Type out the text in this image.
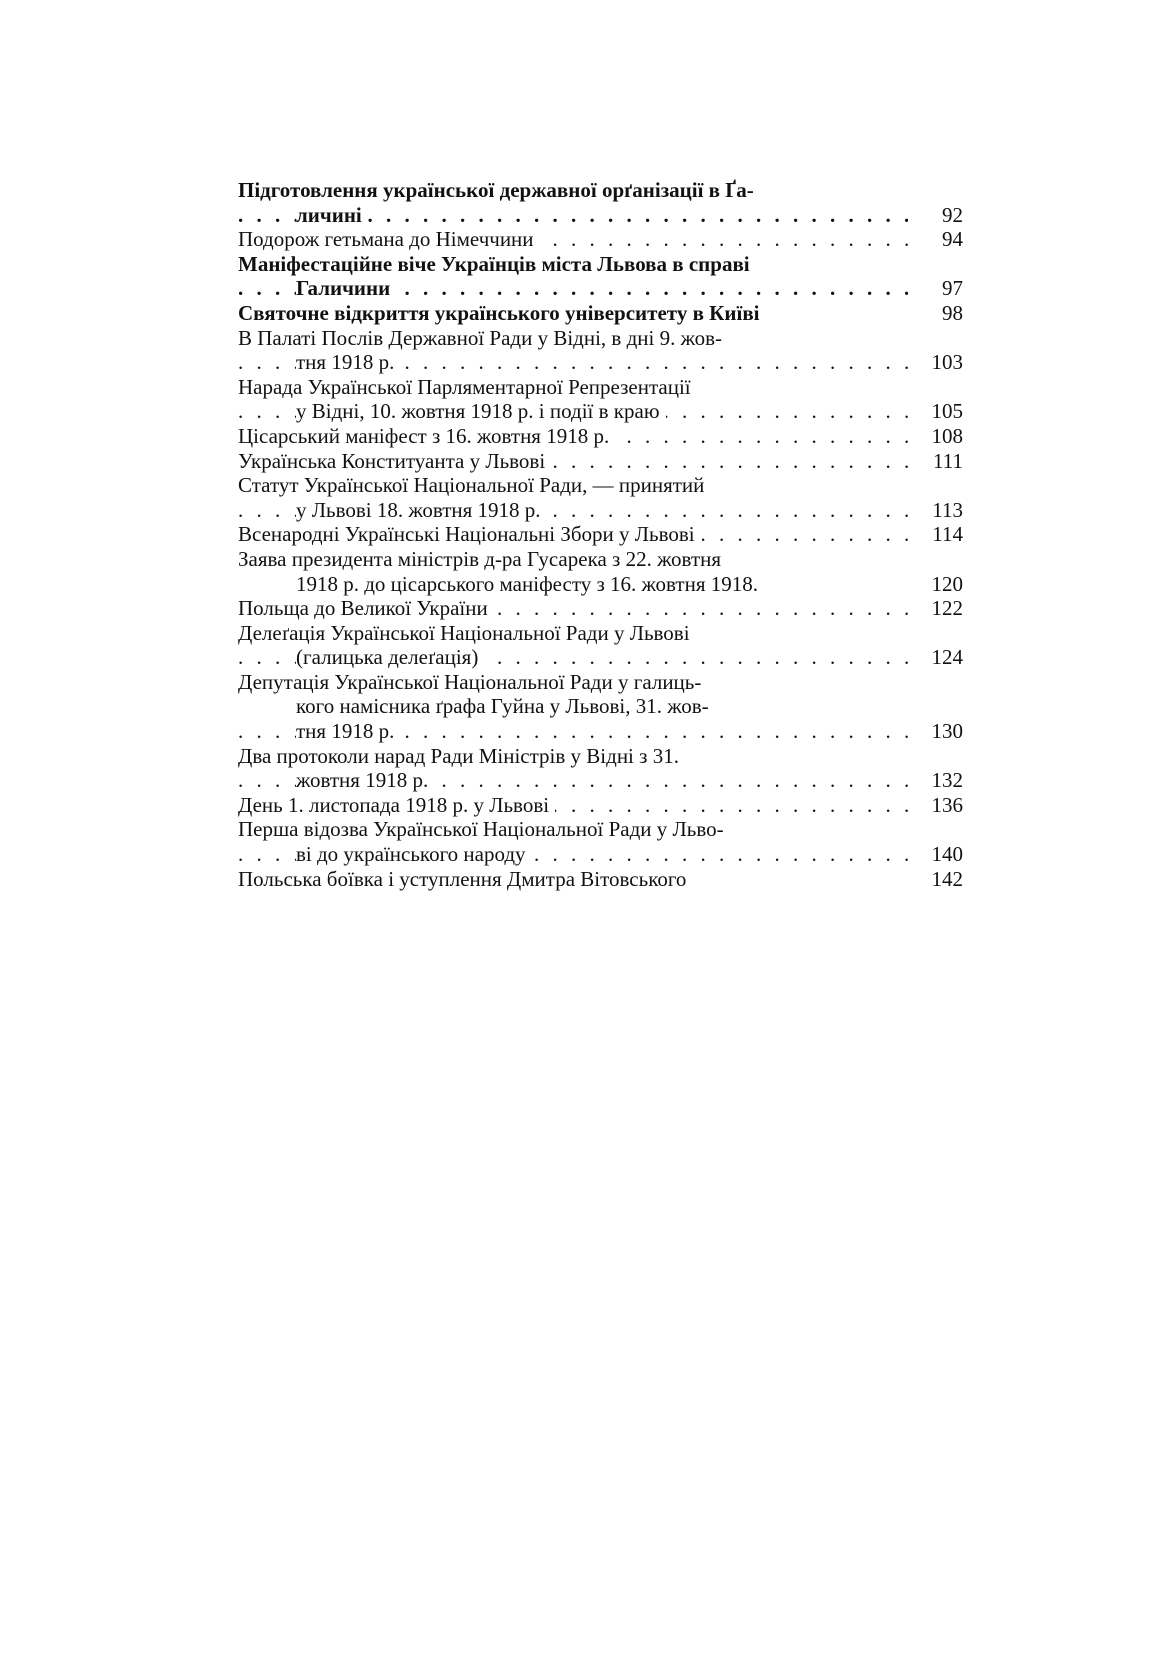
Підготовлення української державної орґанізації в Ґа-
личині . . .	92
Подорож гетьмана до Німеччини . . .	94
Маніфестаційне віче Українців міста Львова в справі
Галичини . . .	97
Святочне відкриття українського університету в Київі	98
В Палаті Послів Державної Ради у Відні, в дні 9. жов-
тня 1918 р. . . .	103
Нарада Української Парляментарної Репрезентації
у Відні, 10. жовтня 1918 р. і події в краю . . .	105
Цісарський маніфест з 16. жовтня 1918 р. . . .	108
Українська Конституанта у Львові . . .	111
Статут Української Національної Ради, — принятий
у Львові 18. жовтня 1918 р. . . .	113
Всенародні Українські Національні Збори у Львові . . .	114
Заява президента міністрів д-ра Гусарека з 22. жовтня
1918 р. до цісарського маніфесту з 16. жовтня 1918.	120
Польща до Великої України . . .	122
Делеґація Української Національної Ради у Львові
(галицька делеґація) . . .	124
Депутація Української Національної Ради у галиць-
кого намісника ґрафа Гуйна у Львові, 31. жов-
тня 1918 р. . . .	130
Два протоколи нарад Ради Міністрів у Відні з 31.
жовтня 1918 р. . . .	132
День 1. листопада 1918 р. у Львові . . .	136
Перша відозва Української Національної Ради у Льво-
ві до українського народу . . .	140
Польська боївка і уступлення Дмитра Вітовського	142
